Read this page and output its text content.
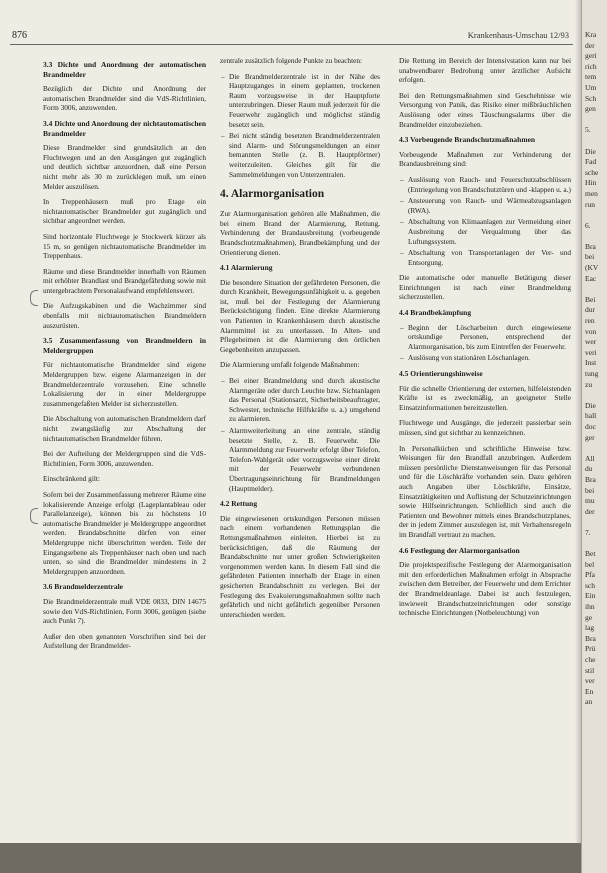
876	Krankenhaus-Umschau 12/93
3.3 Dichte und Anordnung der automatischen Brandmelder

Bezüglich der Dichte und Anordnung der automatischen Brandmelder sind die VdS-Richtlinien, Form 3006, anzuwenden.

3.4 Dichte und Anordnung der nichtautomatischen Brandmelder

Diese Brandmelder sind grundsätzlich an den Fluchtwegen und an den Ausgängen gut zugänglich und deutlich sichtbar anzuordnen, daß eine Person nicht mehr als 30 m zurücklegen muß, um einen Melder auszulösen.

In Treppenhäusern muß pro Etage ein nichtautomatischer Brandmelder gut zugänglich und sichtbar angeordnet werden.

Sind horizontale Fluchtwege je Stockwerk kürzer als 15 m, so genügen nichtautomatische Brandmelder im Treppenhaus.

Räume und diese Brandmelder innerhalb von Räumen mit erhöhter Brandlast und Brandgefährdung sowie mit untergebrachtem Personalaufwand empfehlenswert.

Die Aufzugskabinen und die Wachzimmer sind ebenfalls mit nichtautomatischen Brandmeldern auszurüsten.

3.5 Zusammenfassung von Brandmeldern in Meldergruppen

Für nichtautomatische Brandmelder sind eigene Meldergruppen bzw. eigene Alarmanzeigen in der Brandmelderzentrale vorzusehen. Eine schnelle Lokalisierung der in einer Meldergruppe zusammengefaßten Melder ist sicherzustellen.

Die Abschaltung von automatischen Brandmeldern darf nicht zwangsläufig zur Abschaltung der nichtautomatischen Brandmelder führen.

Bei der Aufteilung der Meldergruppen sind die VdS-Richtlinien, Form 3006, anzuwenden.

Einschränkend gilt:

Sofern bei der Zusammenfassung mehrerer Räume eine lokalisierende Anzeige erfolgt (Lageplantableau oder Parallelanzeige), können bis zu höchstens 10 automatische Brandmelder je Meldergruppe angeordnet werden. Brandabschnitte dürfen von einer Meldergruppe nicht überschritten werden. Teile der Eingangsebene als Treppenhäuser nach oben und nach unten, so sind die Brandmelder mindestens in 2 Meldergruppen anzuordnen.

3.6 Brandmelderzentrale

Die Brandmelderzentrale muß VDE 0833, DIN 14675 sowie den VdS-Richtlinien, Form 3006, genügen (siehe auch Punkt 7).

Außer den oben genannten Vorschriften sind bei der Aufstellung der Brandmelder-

zentrale zusätzlich folgende Punkte zu beachten:

– Die Brandmelderzentrale ist in der Nähe des Hauptzuganges in einem geplanten, trockenen Raum vorzugsweise in der Hauptpforte unterzubringen. Dieser Raum muß jederzeit für die Feuerwehr zugänglich und möglichst ständig besetzt sein.
– Bei nicht ständig besetzten Brandmelderzentralen sind Alarm- und Störungsmeldungen an einer bemannten Stelle (z. B. Hauptpförtner) weiterzuleiten. Gleiches gilt für die Sammelmeldungen von Unterzentralen.
4. Alarmorganisation

Zur Alarmorganisation gehören alle Maßnahmen, die bei einem Brand der Alarmierung, Rettung, Verhinderung der Brandausbreitung (vorbeugende Brandschutzmaßnahmen), Brandbekämpfung und der Orientierung dienen.

4.1 Alarmierung

Die besondere Situation der gefährdeten Personen, die durch Krankheit, Bewegungsunfähigkeit u. a. gegeben ist, muß bei der Festlegung der Alarmierung Berücksichtigung finden. Eine direkte Alarmierung von Patienten in Krankenhäusern durch akustische Alarmmittel ist zu unterlassen. In Alten- und Pflegeheimen ist die Alarmierung den örtlichen Gegebenheiten anzupassen.

Die Alarmierung umfaßt folgende Maßnahmen:

– Bei einer Brandmeldung und durch akustische Alarmgeräte oder durch Leuchte bzw. Sichtanlagen das Personal (Stationsarzt, Sicherheitsbeauftragter, Schwester, technische Hilfskräfte u. a.) umgehend zu alarmieren.
– Alarmweiterleitung an eine zentrale, ständig besetzte Stelle, z. B. Feuerwehr. Die Alarmmeldung zur Feuerwehr erfolgt über Telefon, Telefon-Wahlgerät oder vorzugsweise einer direkt mit der Feuerwehr verbundenen Übertragungseinrichtung für Brandmeldungen (Hauptmelder).
4.2 Rettung

Die eingewiesenen ortskundigen Personen müssen nach einem vorhandenen Rettungsplan die Rettungsmaßnahmen einleiten. Hierbei ist zu berücksichtigen, daß die Räumung der Brandabschnitte nur unter großen Schwierigkeiten vorgenommen werden kann. In diesem Fall sind die gefährdeten Patienten innerhalb der Etage in einen gesicherten Brandabschnitt zu verlegen. Bei der Festlegung des Evakuierungsmaßnahmen sollte nach gefährlich und nicht gefährlich gegenüber Personen unterschieden werden.

Die Rettung im Bereich der Intensivstation kann nur bei unabwendbarer Bedrohung unter ärztlicher Aufsicht erfolgen.

Bei den Rettungsmaßnahmen sind Geschehnisse wie Versorgung von Panik, das Risiko einer mißbräuchlichen Auslösung oder eines Täuschungsalarms über die Brandmelder einzubeziehen.

4.3 Vorbeugende Brandschutzmaßnahmen

Vorbeugende Maßnahmen zur Verhinderung der Brandausbreitung sind:

– Auslösung von Rauch- und Feuerschutzabschlüssen (Entriegelung von Brandschutztüren und -klappen u. a.)
– Ansteuerung von Rauch- und Wärmeabzugsanlagen (RWA).
– Abschaltung von Klimaanlagen zur Vermeidung einer Ausbreitung der Verqualmung über das Luftungssystem.
– Abschaltung von Transportanlagen der Ver- und Entsorgung.

Die automatische oder manuelle Betätigung dieser Einrichtungen ist nach einer Brandmeldung sicherzustellen.

4.4 Brandbekämpfung
– Beginn der Löscharbeiten durch eingewiesene ortskundige Personen, entsprechend der Alarmorganisation, bis zum Eintreffen der Feuerwehr.
– Auslösung von stationären Löschanlagen.
4.5 Orientierungshinweise

Für die schnelle Orientierung der externen, hilfeleistenden Kräfte ist es zweckmäßig, an geeigneter Stelle Einsatzinformationen bereitzustellen.

Fluchtwege und Ausgänge, die jederzeit passierbar sein müssen, sind gut sichtbar zu kennzeichnen.

In Personalküchen und schriftliche Hinweise bzw. Weisungen für den Brandfall anzubringen. Außerdem müssen persönliche Dienstanweisungen für das Personal und für die Löschkräfte vorhanden sein. Dazu gehören auch Angaben über Löschkräfte, Einsätze, Einsatztätigkeiten und Auflistung der Schutzeinrichtungen sowie Hilfseinrichtungen. Schließlich sind auch die Patienten und Bewohner mittels eines Brandschutzplanes, der in jedem Zimmer auszulegen ist, mit Verhaltensregeln im Brandfall vertraut zu machen.

4.6 Festlegung der Alarmorganisation

Die projektspezifische Festlegung der Alarmorganisation mit den erforderlichen Maßnahmen erfolgt in Absprache zwischen dem Betreiber, der Feuerwehr und dem Errichter der Brandmeldeanlage. Dabei ist auch festzulegen, inwieweit Brandschutzeinrichtungen oder sonstige technische Einrichtungen (Notbeleuchtung) von

Kra
der
geri
rich
tem
Um
Sch
gen

5.

Die
Fad
sche
Hin
men
run

6.

Bra
bei
(KV
Eac

Bei
dur
ren
von
wer
veri
Inst
tung
zu

Die
hall
doc
ger

All
du
Bra
bei
mu
der

7.

Bet
bel
Pfa
sch
Ein
ihn
ge
lag
Bra
Prü
che
stil
ver
En
an
